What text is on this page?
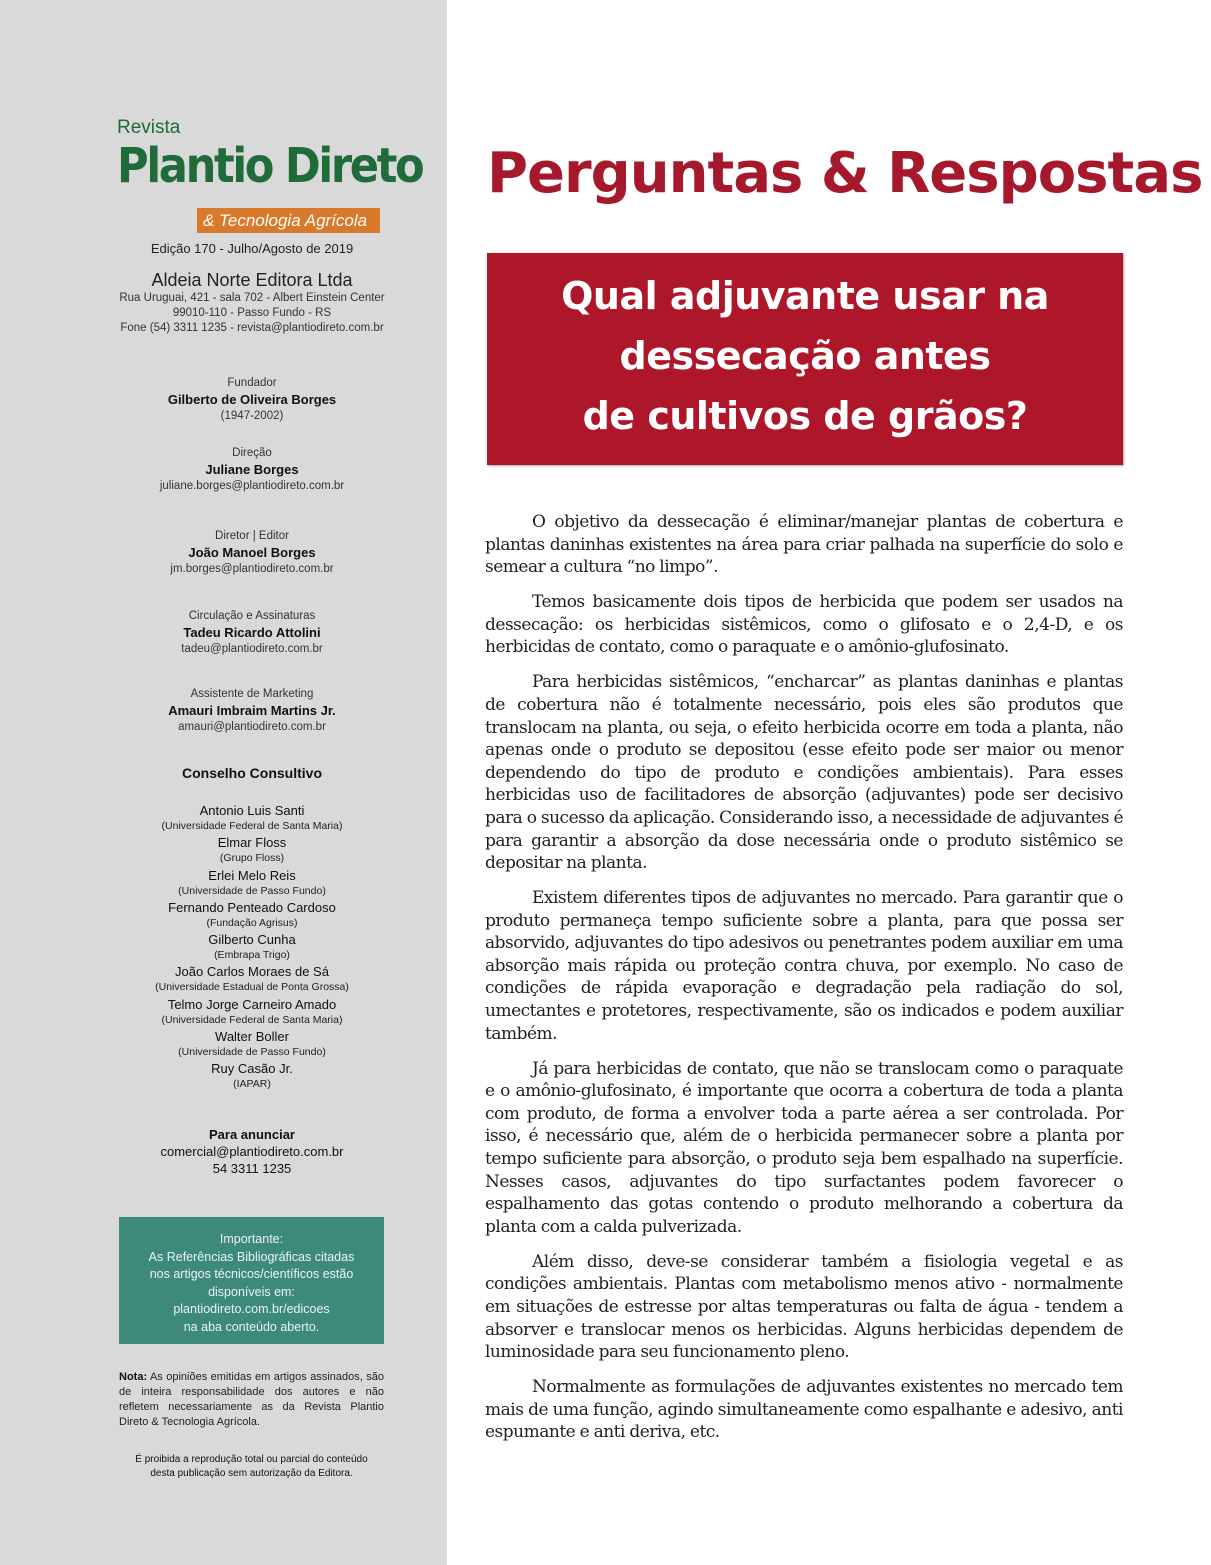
Revista
Plantio Direto
& Tecnologia Agrícola
Edição 170 - Julho/Agosto de 2019
Aldeia Norte Editora Ltda
Rua Uruguai, 421 - sala 702 - Albert Einstein Center
99010-110 - Passo Fundo - RS
Fone (54) 3311 1235 - revista@plantiodireto.com.br
Fundador
Gilberto de Oliveira Borges
(1947-2002)
Direção
Juliane Borges
juliane.borges@plantiodireto.com.br
Diretor | Editor
João Manoel Borges
jm.borges@plantiodireto.com.br
Circulação e Assinaturas
Tadeu Ricardo Attolini
tadeu@plantiodireto.com.br
Assistente de Marketing
Amauri Imbraim Martins Jr.
amauri@plantiodireto.com.br
Conselho Consultivo
Antonio Luis Santi
(Universidade Federal de Santa Maria)
Elmar Floss
(Grupo Floss)
Erlei Melo Reis
(Universidade de Passo Fundo)
Fernando Penteado Cardoso
(Fundação Agrisus)
Gilberto Cunha
(Embrapa Trigo)
João Carlos Moraes de Sá
(Universidade Estadual de Ponta Grossa)
Telmo Jorge Carneiro Amado
(Universidade Federal de Santa Maria)
Walter Boller
(Universidade de Passo Fundo)
Ruy Casão Jr.
(IAPAR)
Para anunciar
comercial@plantiodireto.com.br
54 3311 1235
Importante:
As Referências Bibliográficas citadas
nos artigos técnicos/científicos estão
disponíveis em:
plantiodireto.com.br/edicoes
na aba conteúdo aberto.
Nota: As opiniões emitidas em artigos assinados, são de inteira responsabilidade dos autores e não refletem necessariamente as da Revista Plantio Direto & Tecnologia Agrícola.
É proibida a reprodução total ou parcial do conteúdo
desta publicação sem autorização da Editora.
Perguntas & Respostas
Qual adjuvante usar na
dessecação antes
de cultivos de grãos?

O objetivo da dessecação é eliminar/manejar plantas de cobertura e plantas daninhas existentes na área para criar palhada na superfície do solo e semear a cultura “no limpo”.

Temos basicamente dois tipos de herbicida que podem ser usados na dessecação: os herbicidas sistêmicos, como o glifosato e o 2,4-D, e os herbicidas de contato, como o paraquate e o amônio-glufosinato.

Para herbicidas sistêmicos, “encharcar” as plantas daninhas e plantas de cobertura não é totalmente necessário, pois eles são produtos que translocam na planta, ou seja, o efeito herbicida ocorre em toda a planta, não apenas onde o produto se depositou (esse efeito pode ser maior ou menor dependendo do tipo de produto e condições ambientais). Para esses herbicidas uso de facilitadores de absorção (adjuvantes) pode ser decisivo para o sucesso da aplicação. Considerando isso, a necessidade de adjuvantes é para garantir a absorção da dose necessária onde o produto sistêmico se depositar na planta.

Existem diferentes tipos de adjuvantes no mercado. Para garantir que o produto permaneça tempo suficiente sobre a planta, para que possa ser absorvido, adjuvantes do tipo adesivos ou penetrantes podem auxiliar em uma absorção mais rápida ou proteção contra chuva, por exemplo. No caso de condições de rápida evaporação e degradação pela radiação do sol, umectantes e protetores, respectivamente, são os indicados e podem auxiliar também.

Já para herbicidas de contato, que não se translocam como o paraquate e o amônio-glufosinato, é importante que ocorra a cobertura de toda a planta com produto, de forma a envolver toda a parte aérea a ser controlada. Por isso, é necessário que, além de o herbicida permanecer sobre a planta por tempo suficiente para absorção, o produto seja bem espalhado na superfície. Nesses casos, adjuvantes do tipo surfactantes podem favorecer o espalhamento das gotas contendo o produto melhorando a cobertura da planta com a calda pulverizada.

Além disso, deve-se considerar também a fisiologia vegetal e as condições ambientais. Plantas com metabolismo menos ativo - normalmente em situações de estresse por altas temperaturas ou falta de água - tendem a absorver e translocar menos os herbicidas. Alguns herbicidas dependem de luminosidade para seu funcionamento pleno.

Normalmente as formulações de adjuvantes existentes no mercado tem mais de uma função, agindo simultaneamente como espalhante e adesivo, anti espumante e anti deriva, etc.
